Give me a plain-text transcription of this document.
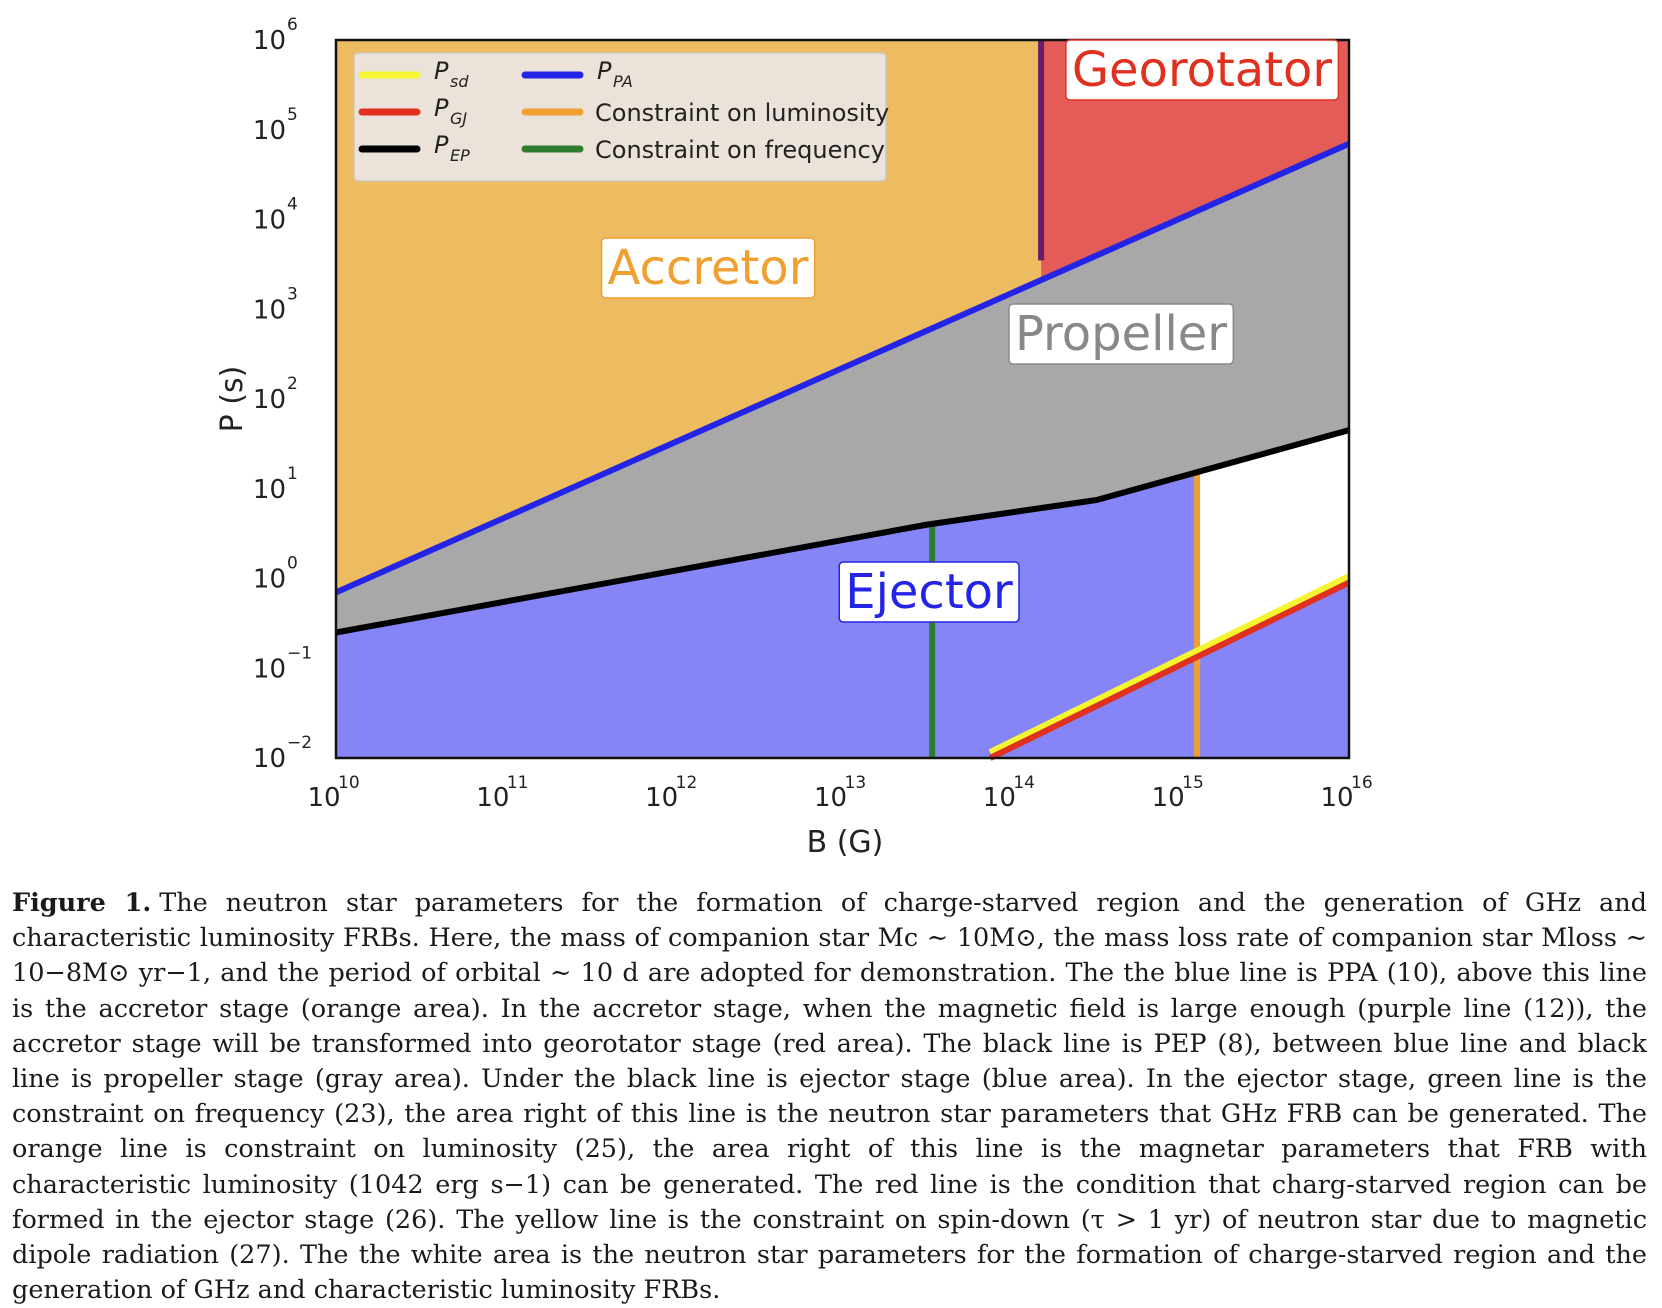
10
10	10
11	10
12	10
13	10
14	10
15	10
16
10
−2
10
−1
10
0
10
1
10
2
10
3
10
4
10
5
10
6
B (G)
P (s)
Accretor
Georotator
Propeller
Ejector
P sd
P GJ
P EP
P PA
Constraint on luminosity
Constraint on frequency
Figure 1. The neutron star parameters for the formation of charge-starved region and the generation of GHz and characteristic luminosity FRBs. Here, the mass of companion star Mc ∼ 10M⊙, the mass loss rate of companion star Mloss ∼ 10−8M⊙ yr−1, and the period of orbital ∼ 10 d are adopted for demonstration. The the blue line is PPA (10), above this line is the accretor stage (orange area). In the accretor stage, when the magnetic field is large enough (purple line (12)), the accretor stage will be transformed into georotator stage (red area). The black line is PEP (8), between blue line and black line is propeller stage (gray area). Under the black line is ejector stage (blue area). In the ejector stage, green line is the constraint on frequency (23), the area right of this line is the neutron star parameters that GHz FRB can be generated. The orange line is constraint on luminosity (25), the area right of this line is the magnetar parameters that FRB with characteristic luminosity (1042 erg s−1) can be generated. The red line is the condition that charg-starved region can be formed in the ejector stage (26). The yellow line is the constraint on spin-down (τ > 1 yr) of neutron star due to magnetic dipole radiation (27). The the white area is the neutron star parameters for the formation of charge-starved region and the generation of GHz and characteristic luminosity FRBs.
